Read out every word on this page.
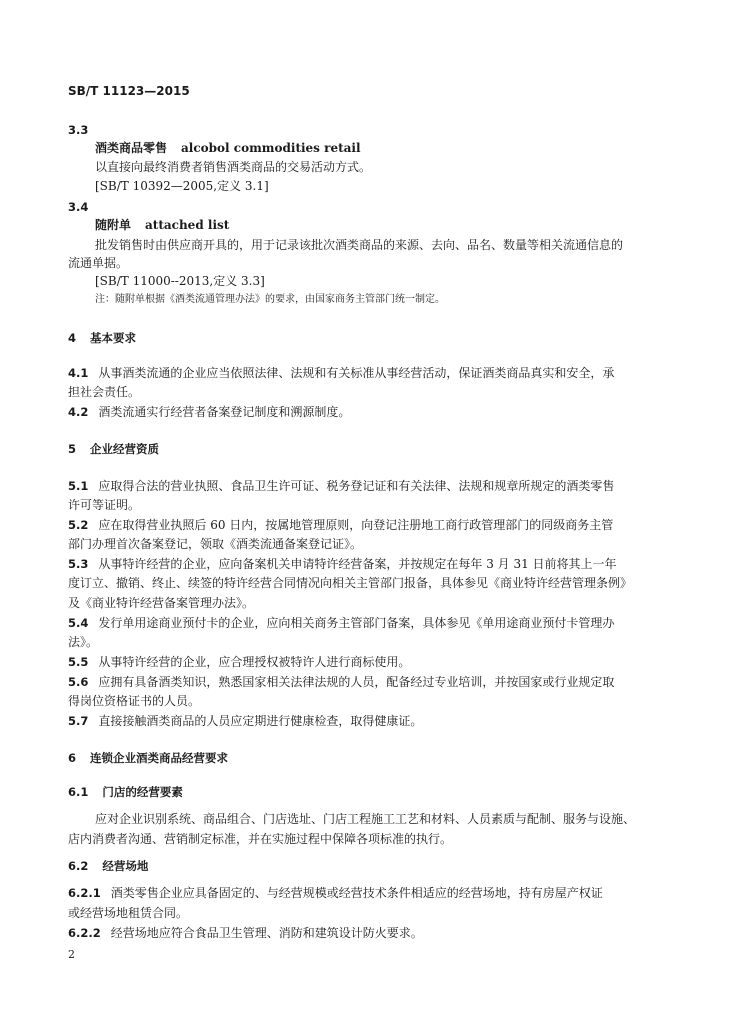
SB/T 11123—2015
3.3
酒类商品零售 alcobol commodities retail
以直接向最终消费者销售酒类商品的交易活动方式。
[SB/T 10392—2005,定义 3.1]
3.4
随附单 attached list
批发销售时由供应商开具的，用于记录该批次酒类商品的来源、去向、品名、数量等相关流通信息的
流通单据。
[SB/T 11000--2013,定义 3.3]
注：随附单根据《酒类流通管理办法》的要求，由国家商务主管部门统一制定。
4 基本要求
4.1 从事酒类流通的企业应当依照法律、法规和有关标准从事经营活动，保证酒类商品真实和安全，承
担社会责任。
4.2 酒类流通实行经营者备案登记制度和溯源制度。
5 企业经营资质
5.1 应取得合法的营业执照、食品卫生许可证、税务登记证和有关法律、法规和规章所规定的酒类零售
许可等证明。
5.2 应在取得营业执照后 60 日内，按属地管理原则，向登记注册地工商行政管理部门的同级商务主管
部门办理首次备案登记，领取《酒类流通备案登记证》。
5.3 从事特许经营的企业，应向备案机关申请特许经营备案，并按规定在每年 3 月 31 日前将其上一年
度订立、撤销、终止、续签的特许经营合同情况向相关主管部门报备，具体参见《商业特许经营管理条例》
及《商业特许经营备案管理办法》。
5.4 发行单用途商业预付卡的企业，应向相关商务主管部门备案，具体参见《单用途商业预付卡管理办
法》。
5.5 从事特许经营的企业，应合理授权被特许人进行商标使用。
5.6 应拥有具备酒类知识，熟悉国家相关法律法规的人员，配备经过专业培训，并按国家或行业规定取
得岗位资格证书的人员。
5.7 直接接触酒类商品的人员应定期进行健康检查，取得健康证。
6 连锁企业酒类商品经营要求
6.1 门店的经营要素
应对企业识别系统、商品组合、门店选址、门店工程施工工艺和材料、人员素质与配制、服务与设施、
店内消费者沟通、营销制定标准，并在实施过程中保障各项标准的执行。
6.2 经营场地
6.2.1 酒类零售企业应具备固定的、与经营规模或经营技术条件相适应的经营场地，持有房屋产权证
或经营场地租赁合同。
6.2.2 经营场地应符合食品卫生管理、消防和建筑设计防火要求。
2
